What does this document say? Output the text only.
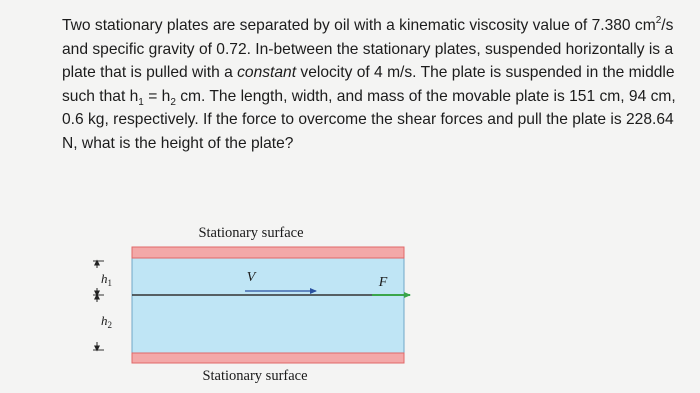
Two stationary plates are separated by oil with a kinematic viscosity value of 7.380 $cm^2/s$ and specific gravity of 0.72. In-between the stationary plates, suspended horizontally is a plate that is pulled with a constant velocity of 4 m/s. The plate is suspended in the middle such that $h_1 = h_2$ cm. The length, width, and mass of the movable plate is 151 cm, 94 cm, 0.6 kg, respectively. If the force to overcome the shear forces and pull the plate is 228.64 N, what is the height of the plate?

Stationary surface
V	F
$h_1$
$h_2$
Stationary surface
